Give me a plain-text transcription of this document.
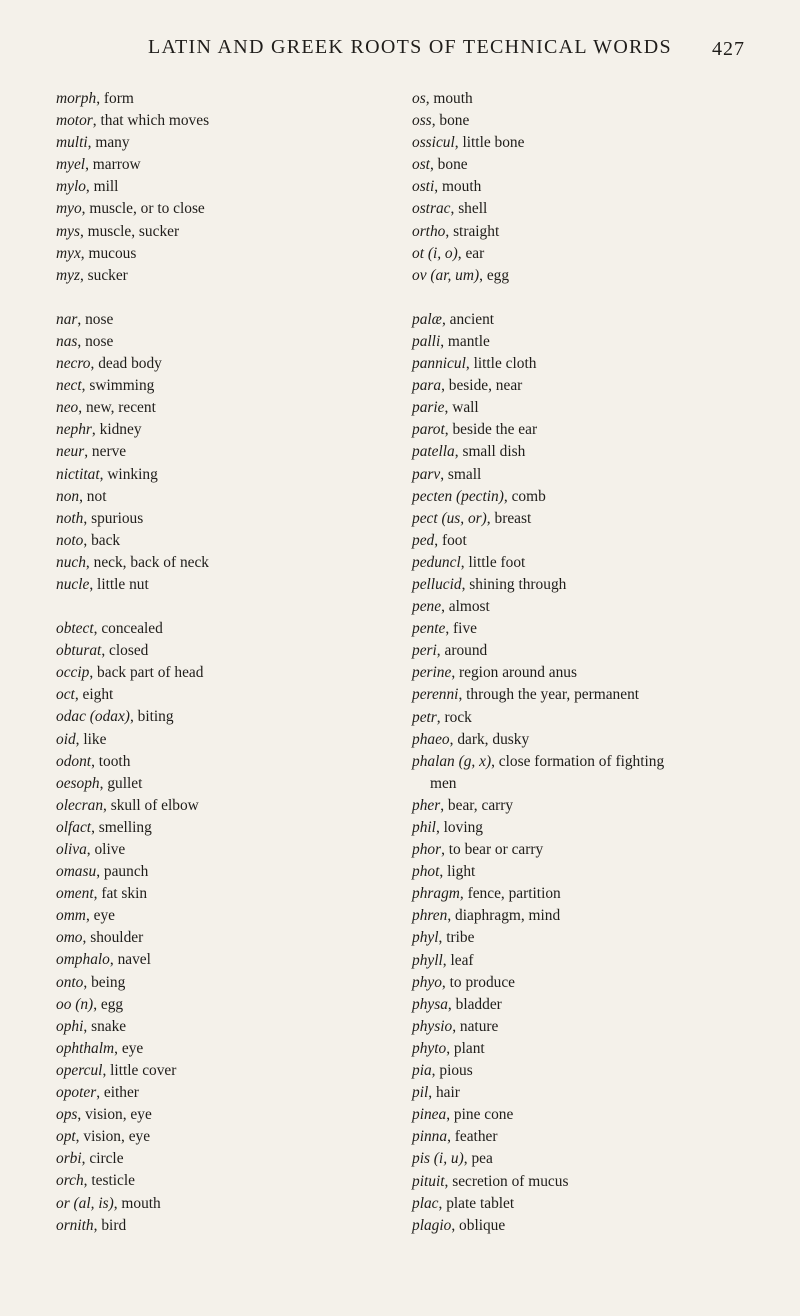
LATIN AND GREEK ROOTS OF TECHNICAL WORDS 427
morph, form
motor, that which moves
multi, many
myel, marrow
mylo, mill
myo, muscle, or to close
mys, muscle, sucker
myx, mucous
myz, sucker
nar, nose
nas, nose
necro, dead body
nect, swimming
neo, new, recent
nephr, kidney
neur, nerve
nictitat, winking
non, not
noth, spurious
noto, back
nuch, neck, back of neck
nucle, little nut
obtect, concealed
obturat, closed
occip, back part of head
oct, eight
odac (odax), biting
oid, like
odont, tooth
oesoph, gullet
olecran, skull of elbow
olfact, smelling
oliva, olive
omasu, paunch
oment, fat skin
omm, eye
omo, shoulder
omphalo, navel
onto, being
oo (n), egg
ophi, snake
ophthalm, eye
opercul, little cover
opoter, either
ops, vision, eye
opt, vision, eye
orbi, circle
orch, testicle
or (al, is), mouth
ornith, bird
os, mouth
oss, bone
ossicul, little bone
ost, bone
osti, mouth
ostrac, shell
ortho, straight
ot (i, o), ear
ov (ar, um), egg
palæ, ancient
palli, mantle
pannicul, little cloth
para, beside, near
parie, wall
parot, beside the ear
patella, small dish
parv, small
pecten (pectin), comb
pect (us, or), breast
ped, foot
peduncl, little foot
pellucid, shining through
pene, almost
pente, five
peri, around
perine, region around anus
perenni, through the year, permanent
petr, rock
phaeo, dark, dusky
phalan (g, x), close formation of fighting
men
pher, bear, carry
phil, loving
phor, to bear or carry
phot, light
phragm, fence, partition
phren, diaphragm, mind
phyl, tribe
phyll, leaf
phyo, to produce
physa, bladder
physio, nature
phyto, plant
pia, pious
pil, hair
pinea, pine cone
pinna, feather
pis (i, u), pea
pituit, secretion of mucus
plac, plate tablet
plagio, oblique
